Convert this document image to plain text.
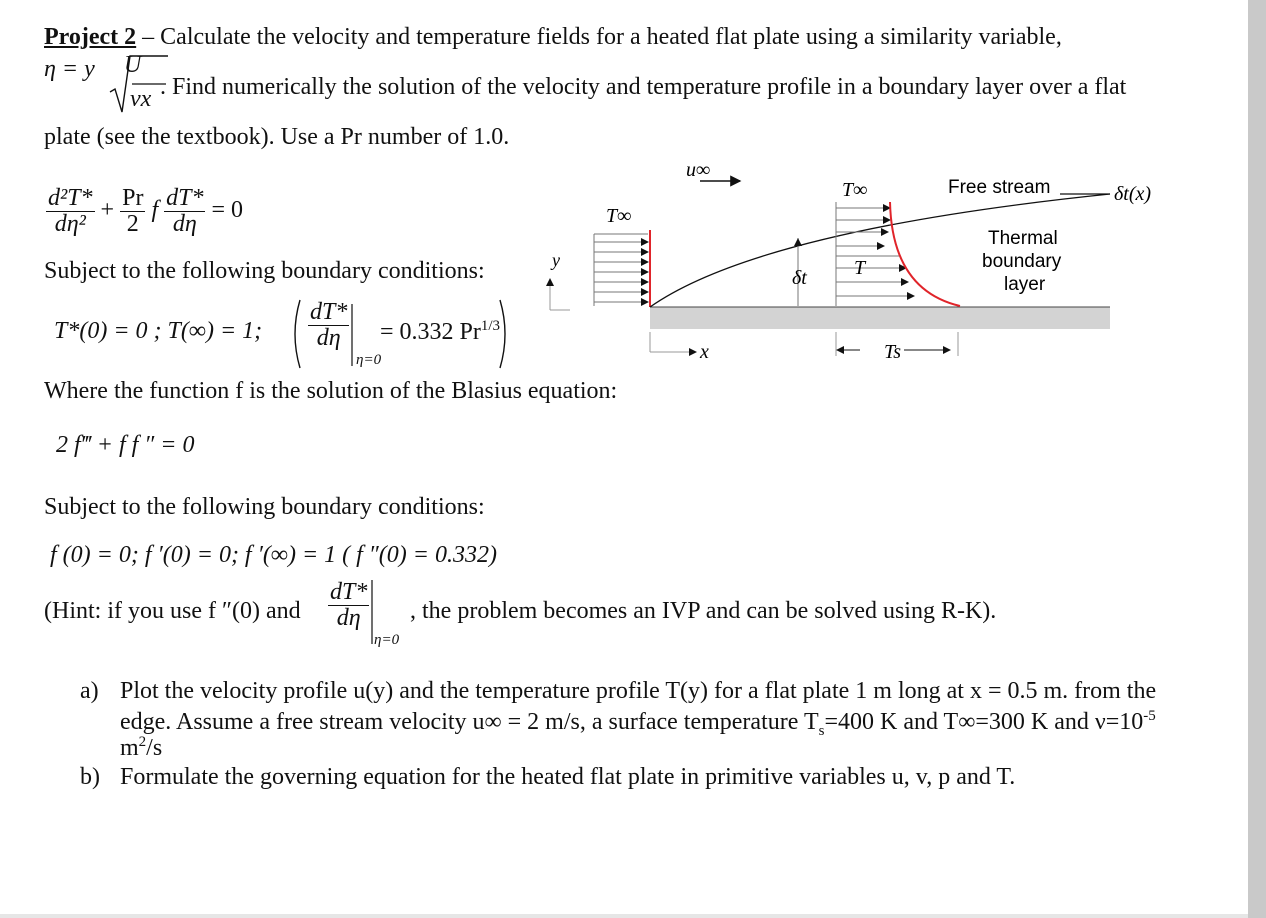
Project 2 – Calculate the velocity and temperature fields for a heated flat plate using a similarity variable,
η = y U
νx . Find numerically the solution of the velocity and temperature profile in a boundary layer over a flat
plate (see the textbook). Use a Pr number of 1.0.
$\frac{\text{d²T*}}{\text{dη²}} + \frac{Pr}{2}$ f $\frac{dT*}{d\eta} = 0$
Subject to the following boundary conditions:
T*(0) = 0 ; T(∞) = 1; $\frac{dT*}{d\eta}$
η=0
= 0.332 $Pr^{1/3}$
Where the function f is the solution of the Blasius equation:
2 f‴ + f f ″ = 0
Subject to the following boundary conditions:
f (0) = 0; f ′(0) = 0; f ′(∞) = 1 ( f ″(0) = 0.332)
(Hint: if you use f ″(0) and $\frac{dT*}{d\eta}$
η=0
, the problem becomes an IVP and can be solved using R-K).
a) Plot the velocity profile u(y) and the temperature profile T(y) for a flat plate 1 m long at x = 0.5 m. from the
edge. Assume a free stream velocity u∞ = 2 m/s, a surface temperature $T_s=400$ K and T∞=300 K and $\nu=10^{-5}$
$m^2/s$
b) Formulate the governing equation for the heated flat plate in primitive variables u, v, p and T.
u∞
T∞
T∞
T
Free stream	δt(x)
Thermal
boundary
layer
δt
y
x	Ts
